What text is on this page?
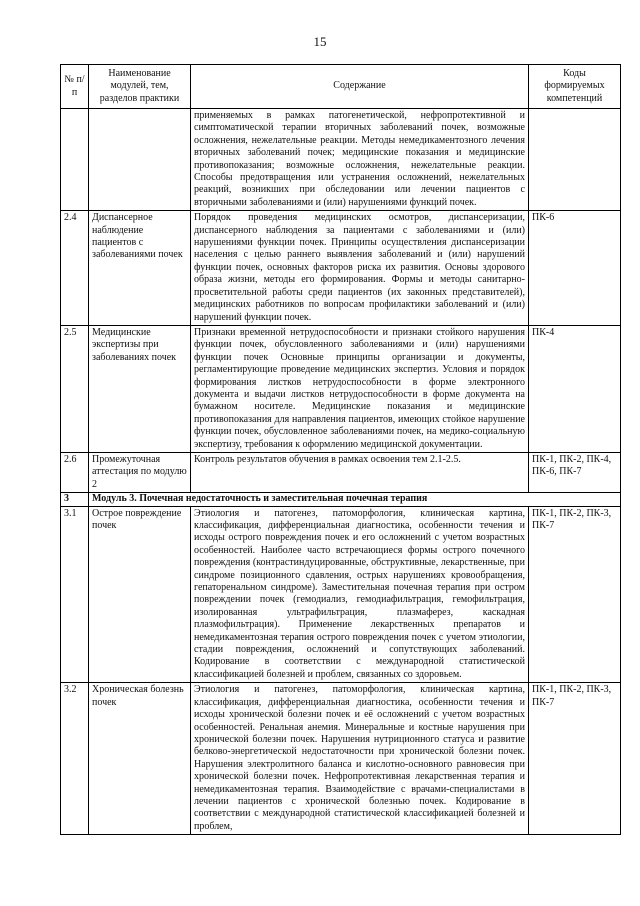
15
№ п/п	Наименование модулей, тем, разделов практики	Содержание	Коды формируемых компетенций
		применяемых в рамках патогенетической, нефропротективной и симптоматической терапии вторичных заболеваний почек, возможные осложнения, нежелательные реакции. Методы немедикаментозного лечения вторичных заболеваний почек; медицинские показания и медицинские противопоказания; возможные осложнения, нежелательные реакции. Способы предотвращения или устранения осложнений, нежелательных реакций, возникших при обследовании или лечении пациентов с вторичными заболеваниями и (или) нарушениями функций почек.	
2.4	Диспансерное наблюдение пациентов с заболеваниями почек	Порядок проведения медицинских осмотров, диспансеризации, диспансерного наблюдения за пациентами с заболеваниями и (или) нарушениями функции почек. Принципы осуществления диспансеризации населения с целью раннего выявления заболеваний и (или) нарушений функции почек, основных факторов риска их развития. Основы здорового образа жизни, методы его формирования. Формы и методы санитарно-просветительной работы среди пациентов (их законных представителей), медицинских работников по вопросам профилактики заболеваний и (или) нарушений функции почек.	ПК-6
2.5	Медицинские экспертизы при заболеваниях почек	Признаки временной нетрудоспособности и признаки стойкого нарушения функции почек, обусловленного заболеваниями и (или) нарушениями функции почек Основные принципы организации и документы, регламентирующие проведение медицинских экспертиз. Условия и порядок формирования листков нетрудоспособности в форме электронного документа и выдачи листков нетрудоспособности в форме документа на бумажном носителе. Медицинские показания и медицинские противопоказания для направления пациентов, имеющих стойкое нарушение функции почек, обусловленное заболеваниями почек, на медико-социальную экспертизу, требования к оформлению медицинской документации.	ПК-4
2.6	Промежуточная аттестация по модулю 2	Контроль результатов обучения в рамках освоения тем 2.1-2.5.	ПК-1, ПК-2, ПК-4, ПК-6, ПК-7
3	Модуль 3. Почечная недостаточность и заместительная почечная терапия		
3.1	Острое повреждение почек	Этиология и патогенез, патоморфология, клиническая картина, классификация, дифференциальная диагностика, особенности течения и исходы острого повреждения почек и его осложнений с учетом возрастных особенностей. Наиболее часто встречающиеся формы острого почечного повреждения (контрастиндуцированные, обструктивные, лекарственные, при синдроме позиционного сдавления, острых нарушениях кровообращения, гепаторенальном синдроме). Заместительная почечная терапия при остром повреждении почек (гемодиализ, гемодиафильтрация, гемофильтрация, изолированная ультрафильтрация, плазмаферез, каскадная плазмофильтрация). Применение лекарственных препаратов и немедикаментозная терапия острого повреждения почек с учетом этиологии, стадии повреждения, осложнений и сопутствующих заболеваний. Кодирование в соответствии с международной статистической классификацией болезней и проблем, связанных со здоровьем.	ПК-1, ПК-2, ПК-3, ПК-7
3.2	Хроническая болезнь почек	Этиология и патогенез, патоморфология, клиническая картина, классификация, дифференциальная диагностика, особенности течения и исходы хронической болезни почек и её осложнений с учетом возрастных особенностей. Ренальная анемия. Минеральные и костные нарушения при хронической болезни почек. Нарушения нутриционного статуса и развитие белково-энергетической недостаточности при хронической болезни почек. Нарушения электролитного баланса и кислотно-основного равновесия при хронической болезни почек. Нефропротективная лекарственная терапия и немедикаментозная терапия. Взаимодействие с врачами-специалистами в лечении пациентов с хронической болезнью почек. Кодирование в соответствии с международной статистической классификацией болезней и проблем,	ПК-1, ПК-2, ПК-3, ПК-7
